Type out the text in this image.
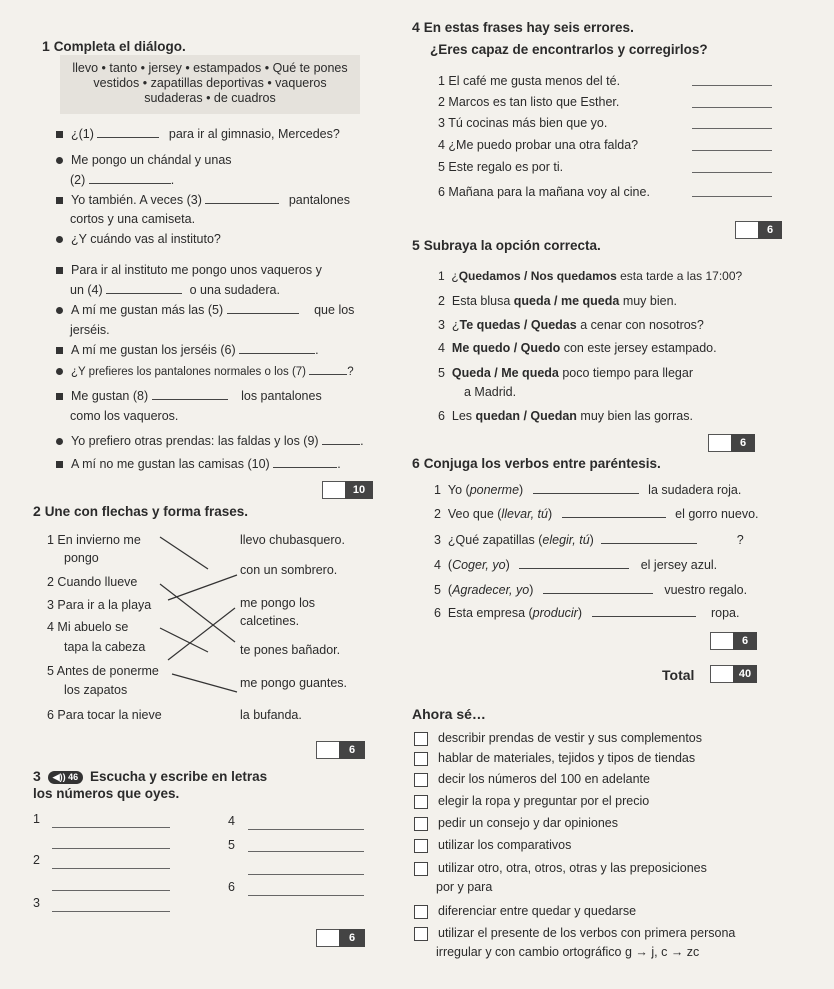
1 Completa el diálogo.
llevo • tanto • jersey • estampados • Qué te pones
vestidos • zapatillas deportivas • vaqueros
sudaderas • de cuadros
¿(1)	para ir al gimnasio, Mercedes?
Me pongo un chándal y unas
(2)	.
Yo también. A veces (3)	pantalones
cortos y una camiseta.
¿Y cuándo vas al instituto?
Para ir al instituto me pongo unos vaqueros y
un (4)	o una sudadera.
A mí me gustan más las (5)	que los
jerséis.
A mí me gustan los jerséis (6)	.
¿Y prefieres los pantalones normales o los (7)	?
Me gustan (8)	los pantalones
como los vaqueros.
Yo prefiero otras prendas: las faldas y los (9)	.
A mí no me gustan las camisas (10)	.
10
2 Une con flechas y forma frases.
1 En invierno me
pongo
2 Cuando llueve
3 Para ir a la playa
4 Mi abuelo se
tapa la cabeza
5 Antes de ponerme
los zapatos
6 Para tocar la nieve
llevo chubasquero.
con un sombrero.
me pongo los
calcetines.
te pones bañador.
me pongo guantes.
la bufanda.
6
3 ◀)) 46 Escucha y escribe en letras
los números que oyes.
1
2
3
4
5
6
6
4 En estas frases hay seis errores.
¿Eres capaz de encontrarlos y corregirlos?
1 El café me gusta menos del té.
2 Marcos es tan listo que Esther.
3 Tú cocinas más bien que yo.
4 ¿Me puedo probar una otra falda?
5 Este regalo es por ti.
6 Mañana para la mañana voy al cine.
6
5 Subraya la opción correcta.
1 ¿Quedamos / Nos quedamos esta tarde a las 17:00?
2 Esta blusa queda / me queda muy bien.
3 ¿Te quedas / Quedas a cenar con nosotros?
4 Me quedo / Quedo con este jersey estampado.
5 Queda / Me queda poco tiempo para llegar
a Madrid.
6 Les quedan / Quedan muy bien las gorras.
6
6 Conjuga los verbos entre paréntesis.
1 Yo (ponerme)	la sudadera roja.
2 Veo que (llevar, tú)	el gorro nuevo.
3 ¿Qué zapatillas (elegir, tú)	?
4 (Coger, yo)	el jersey azul.
5 (Agradecer, yo)	vuestro regalo.
6 Esta empresa (producir)	ropa.
6
Total	40
Ahora sé…
describir prendas de vestir y sus complementos
hablar de materiales, tejidos y tipos de tiendas
decir los números del 100 en adelante
elegir la ropa y preguntar por el precio
pedir un consejo y dar opiniones
utilizar los comparativos
utilizar otro, otra, otros, otras y las preposiciones
por y para
diferenciar entre quedar y quedarse
utilizar el presente de los verbos con primera persona
irregular y con cambio ortográfico g → j, c → zc
